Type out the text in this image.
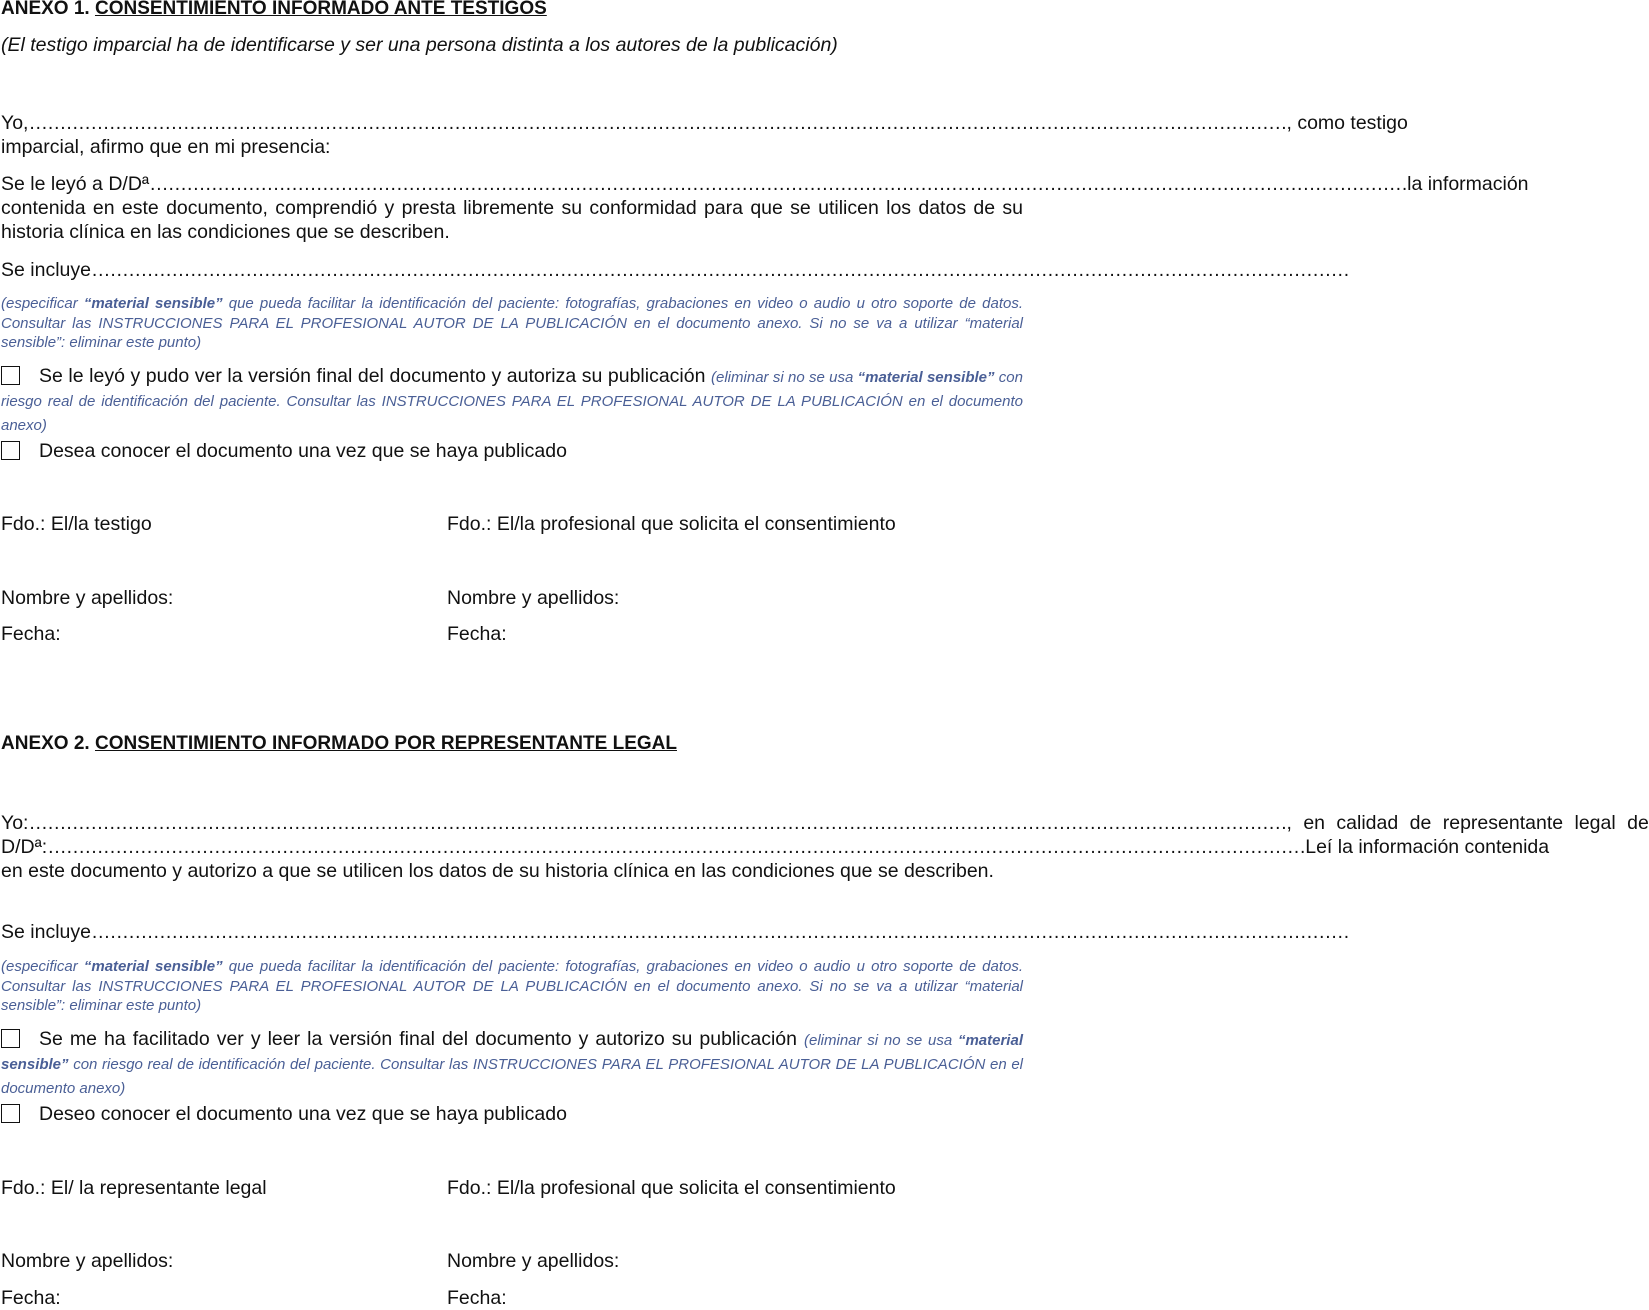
ANEXO 1. CONSENTIMIENTO INFORMADO ANTE TESTIGOS
(El testigo imparcial ha de identificarse y ser una persona distinta a los autores de la publicación)
Yo, …………………………………………………………………………………………………………………………………………………………………………………… , como testigo
imparcial, afirmo que en mi presencia:
Se le leyó a D/Dª …………………………………………………………………………………………………………………………………………………………………………………… la información
contenida en este documento, comprendió y presta libremente su conformidad para que se utilicen los datos de su historia clínica en las condiciones que se describen.
Se incluye ……………………………………………………………………………………………………………………………………………………………………………………
(especificar “material sensible” que pueda facilitar la identificación del paciente: fotografías, grabaciones en video o audio u otro soporte de datos. Consultar las INSTRUCCIONES PARA EL PROFESIONAL AUTOR DE LA PUBLICACIÓN en el documento anexo. Si no se va a utilizar “material sensible”: eliminar este punto)
Se le leyó y pudo ver la versión final del documento y autoriza su publicación (eliminar si no se usa “material sensible” con riesgo real de identificación del paciente. Consultar las INSTRUCCIONES PARA EL PROFESIONAL AUTOR DE LA PUBLICACIÓN en el documento anexo)
Desea conocer el documento una vez que se haya publicado
Fdo.: El/la testigo	Fdo.: El/la profesional que solicita el consentimiento
Nombre y apellidos:	Nombre y apellidos:
Fecha:	Fecha:
ANEXO 2. CONSENTIMIENTO INFORMADO POR REPRESENTANTE LEGAL
Yo: …………………………………………………………………………………………………………………………………………………………………………………… , en calidad de representante legal de
D/Dª: …………………………………………………………………………………………………………………………………………………………………………………… Leí la información contenida
en este documento y autorizo a que se utilicen los datos de su historia clínica en las condiciones que se describen.
Se incluye ……………………………………………………………………………………………………………………………………………………………………………………
(especificar “material sensible” que pueda facilitar la identificación del paciente: fotografías, grabaciones en video o audio u otro soporte de datos. Consultar las INSTRUCCIONES PARA EL PROFESIONAL AUTOR DE LA PUBLICACIÓN en el documento anexo. Si no se va a utilizar “material sensible”: eliminar este punto)
Se me ha facilitado ver y leer la versión final del documento y autorizo su publicación (eliminar si no se usa “material sensible” con riesgo real de identificación del paciente. Consultar las INSTRUCCIONES PARA EL PROFESIONAL AUTOR DE LA PUBLICACIÓN en el documento anexo)
Deseo conocer el documento una vez que se haya publicado
Fdo.: El/ la representante legal	Fdo.: El/la profesional que solicita el consentimiento
Nombre y apellidos:	Nombre y apellidos:
Fecha:	Fecha:
